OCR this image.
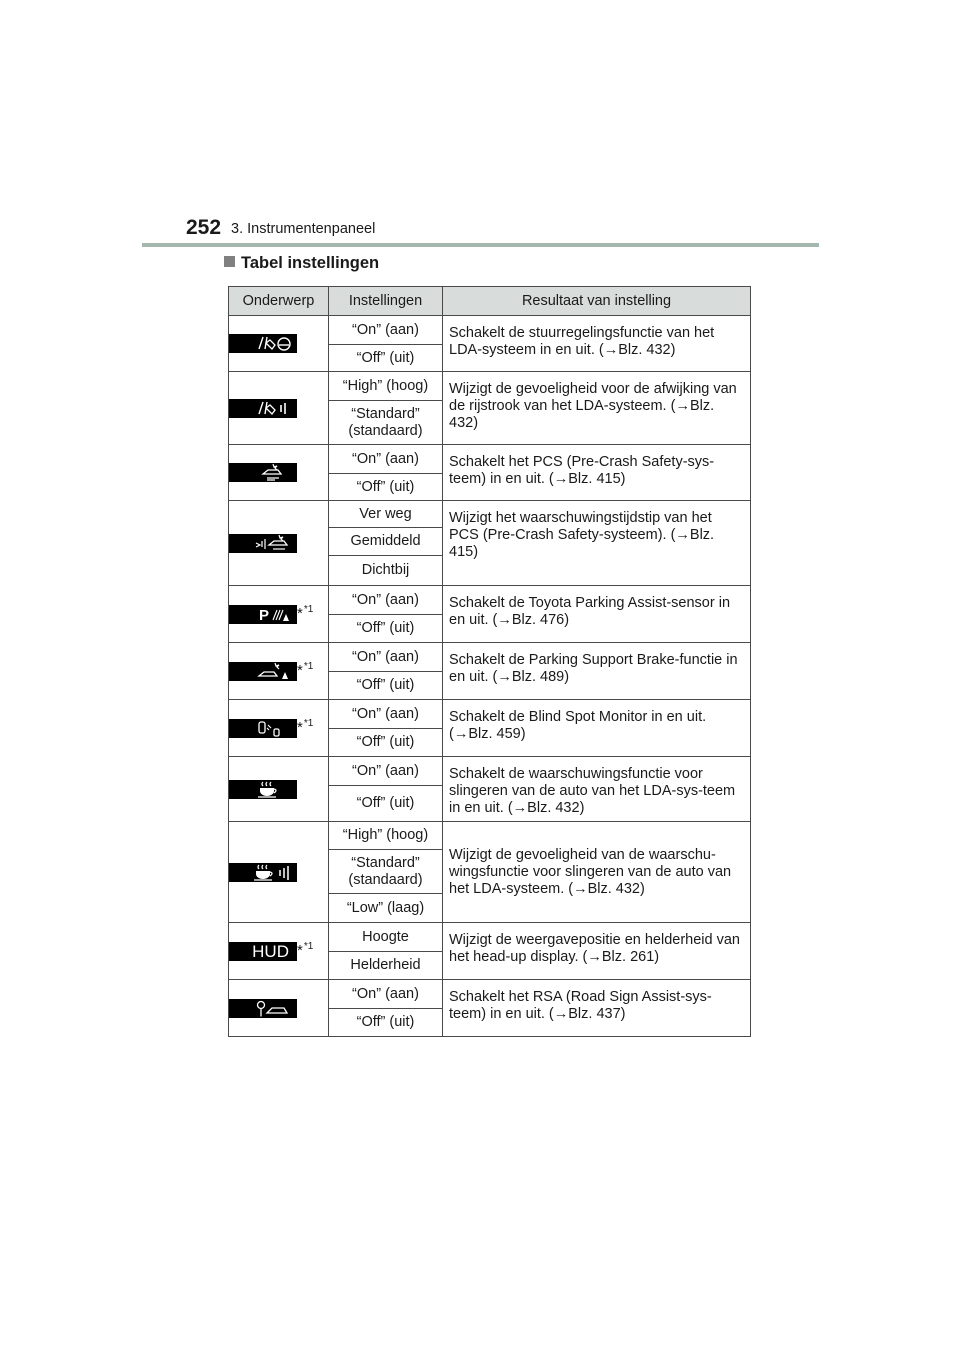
252 3. Instrumentenpaneel
Tabel instellingen
Onderwerp	Instellingen	Resultaat van instelling

	“On” (aan)	Schakelt de stuurregelingsfunctie van het LDA-systeem in en uit. (→Blz. 432)
	“Off” (uit)	

	“High” (hoog)	Wijzigt de gevoeligheid voor de afwijking van de rijstrook van het LDA-systeem. (→Blz. 432)
	“Standard” (standaard)	

	“On” (aan)	Schakelt het PCS (Pre-Crash Safety-sys-teem) in en uit. (→Blz. 415)
	“Off” (uit)	

	Ver weg	Wijzigt het waarschuwingstijdstip van het PCS (Pre-Crash Safety-systeem). (→Blz. 415)
	Gemiddeld	
	Dichtbij	

P *$^{*1}$	“On” (aan)	Schakelt de Toyota Parking Assist-sensor in en uit. (→Blz. 476)
	“Off” (uit)	

*$^{*1}$	“On” (aan)	Schakelt de Parking Support Brake-functie in en uit. (→Blz. 489)
	“Off” (uit)	

*$^{*1}$	“On” (aan)	Schakelt de Blind Spot Monitor in en uit. (→Blz. 459)
	“Off” (uit)	

	“On” (aan)	Schakelt de waarschuwingsfunctie voor slingeren van de auto van het LDA-sys-teem in en uit. (→Blz. 432)
	“Off” (uit)	

	“High” (hoog)	Wijzigt de gevoeligheid van de waarschu-wingsfunctie voor slingeren van de auto van het LDA-systeem. (→Blz. 432)
	“Standard” (standaard)	
	“Low” (laag)	

HUD *$^{*1}$	Hoogte	Wijzigt de weergavepositie en helderheid van het head-up display. (→Blz. 261)
	Helderheid	

	“On” (aan)	Schakelt het RSA (Road Sign Assist-sys-teem) in en uit. (→Blz. 437)
	“Off” (uit)	
